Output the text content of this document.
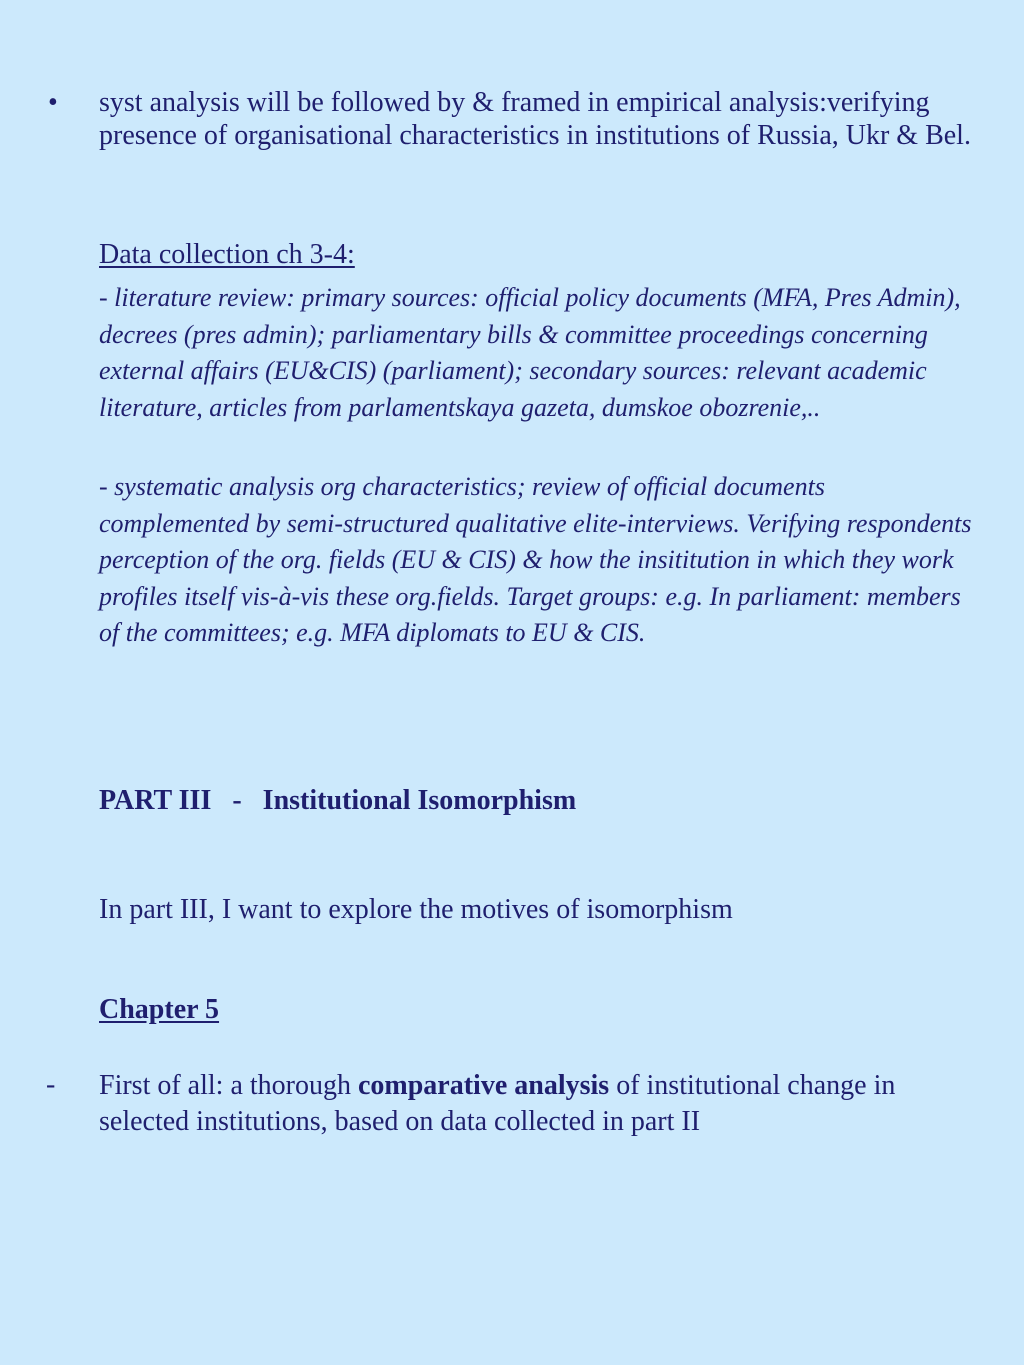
• syst analysis will be followed by & framed in empirical analysis:verifying presence of organisational characteristics in institutions of Russia, Ukr & Bel.

Data collection ch 3-4:

- literature review: primary sources: official policy documents (MFA, Pres Admin), decrees (pres admin); parliamentary bills & committee proceedings concerning external affairs (EU&CIS) (parliament); secondary sources: relevant academic literature, articles from parlamentskaya gazeta, dumskoe obozrenie,..

- systematic analysis org characteristics; review of official documents complemented by semi-structured qualitative elite-interviews. Verifying respondents perception of the org. fields (EU & CIS) & how the insititution in which they work profiles itself vis-à-vis these org.fields. Target groups: e.g. In parliament: members of the committees; e.g. MFA diplomats to EU & CIS.

PART III   -   Institutional Isomorphism

In part III, I want to explore the motives of isomorphism

Chapter 5

- First of all: a thorough comparative analysis of institutional change in selected institutions, based on data collected in part II
